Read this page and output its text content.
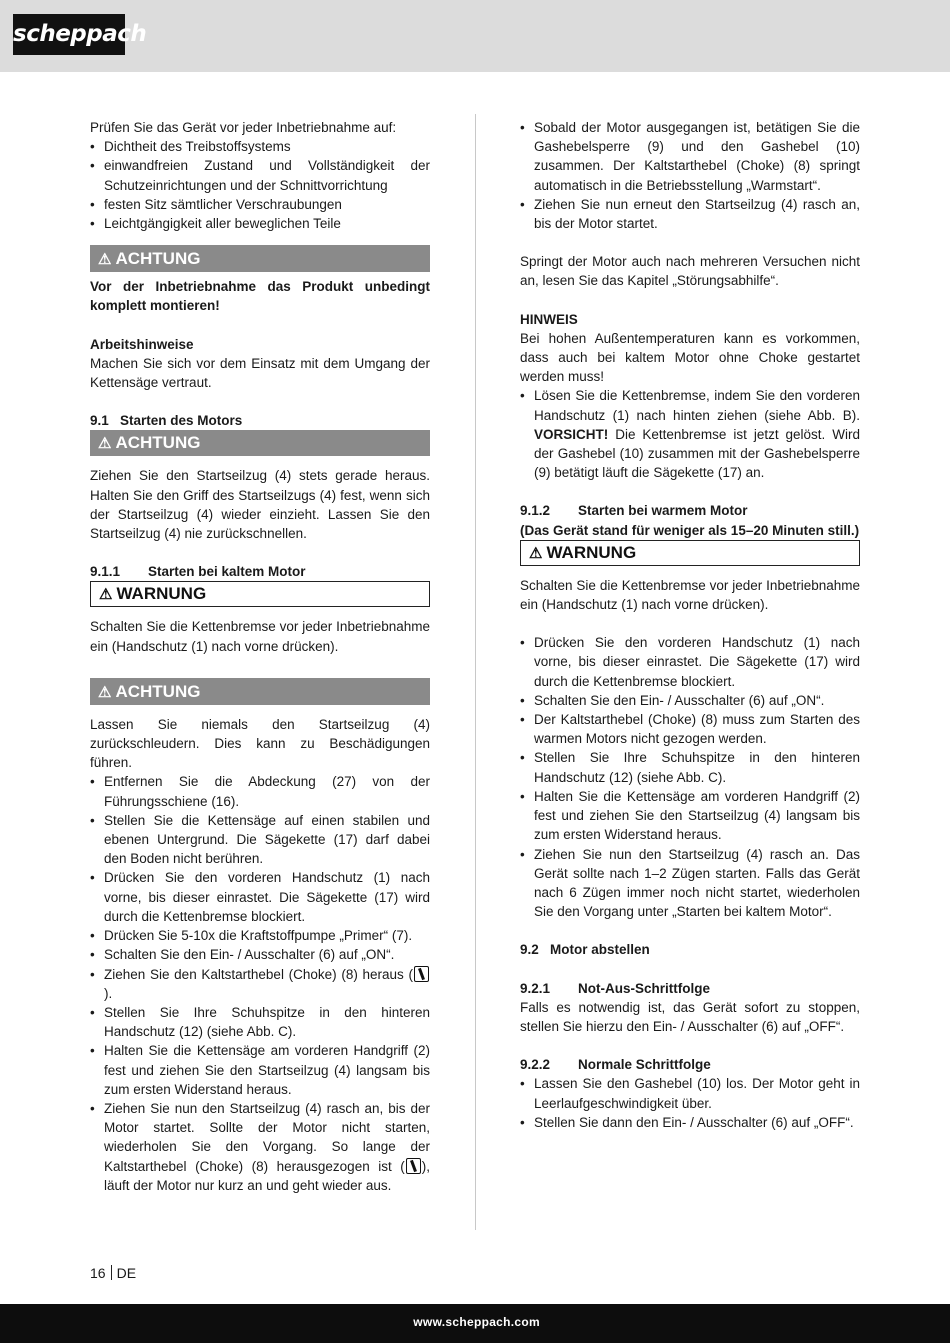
scheppach

Prüfen Sie das Gerät vor jeder Inbetriebnahme auf:

• Dichtheit des Treibstoffsystems
• einwandfreien Zustand und Vollständigkeit der Schutzeinrichtungen und der Schnittvorrichtung
• festen Sitz sämtlicher Verschraubungen
• Leichtgängigkeit aller beweglichen Teile
⚠ ACHTUNG

Vor der Inbetriebnahme das Produkt unbedingt komplett montieren!

Arbeitshinweise

Machen Sie sich vor dem Einsatz mit dem Umgang der Kettensäge vertraut.

9.1 Starten des Motors

⚠ ACHTUNG

Ziehen Sie den Startseilzug (4) stets gerade heraus. Halten Sie den Griff des Startseilzugs (4) fest, wenn sich der Startseilzug (4) wieder einzieht. Lassen Sie den Startseilzug (4) nie zurückschnellen.

9.1.1 Starten bei kaltem Motor

⚠ WARNUNG

Schalten Sie die Kettenbremse vor jeder Inbetriebnahme ein (Handschutz (1) nach vorne drücken).

⚠ ACHTUNG

Lassen Sie niemals den Startseilzug (4) zurückschleudern. Dies kann zu Beschädigungen führen.

• Entfernen Sie die Abdeckung (27) von der Führungsschiene (16).
• Stellen Sie die Kettensäge auf einen stabilen und ebenen Untergrund. Die Sägekette (17) darf dabei den Boden nicht berühren.
• Drücken Sie den vorderen Handschutz (1) nach vorne, bis dieser einrastet. Die Sägekette (17) wird durch die Kettenbremse blockiert.
• Drücken Sie 5-10x die Kraftstoffpumpe „Primer“ (7).
• Schalten Sie den Ein- / Ausschalter (6) auf „ON“.
• Ziehen Sie den Kaltstarthebel (Choke) (8) heraus ().
• Stellen Sie Ihre Schuhspitze in den hinteren Handschutz (12) (siehe Abb. C).
• Halten Sie die Kettensäge am vorderen Handgriff (2) fest und ziehen Sie den Startseilzug (4) langsam bis zum ersten Widerstand heraus.
• Ziehen Sie nun den Startseilzug (4) rasch an, bis der Motor startet. Sollte der Motor nicht starten, wiederholen Sie den Vorgang. So lange der Kaltstarthebel (Choke) (8) herausgezogen ist ( ), läuft der Motor nur kurz an und geht wieder aus.
• Sobald der Motor ausgegangen ist, betätigen Sie die Gashebelsperre (9) und den Gashebel (10) zusammen. Der Kaltstarthebel (Choke) (8) springt automatisch in die Betriebsstellung „Warmstart“.
• Ziehen Sie nun erneut den Startseilzug (4) rasch an, bis der Motor startet.

Springt der Motor auch nach mehreren Versuchen nicht an, lesen Sie das Kapitel „Störungsabhilfe“.

HINWEIS

Bei hohen Außentemperaturen kann es vorkommen, dass auch bei kaltem Motor ohne Choke gestartet werden muss!

• Lösen Sie die Kettenbremse, indem Sie den vorderen Handschutz (1) nach hinten ziehen (siehe Abb. B). VORSICHT! Die Kettenbremse ist jetzt gelöst. Wird der Gashebel (10) zusammen mit der Gashebelsperre (9) betätigt läuft die Sägekette (17) an.

9.1.2 Starten bei warmem Motor

(Das Gerät stand für weniger als 15–20 Minuten still.)

⚠ WARNUNG

Schalten Sie die Kettenbremse vor jeder Inbetriebnahme ein (Handschutz (1) nach vorne drücken).

• Drücken Sie den vorderen Handschutz (1) nach vorne, bis dieser einrastet. Die Sägekette (17) wird durch die Kettenbremse blockiert.
• Schalten Sie den Ein- / Ausschalter (6) auf „ON“.
• Der Kaltstarthebel (Choke) (8) muss zum Starten des warmen Motors nicht gezogen werden.
• Stellen Sie Ihre Schuhspitze in den hinteren Handschutz (12) (siehe Abb. C).
• Halten Sie die Kettensäge am vorderen Handgriff (2) fest und ziehen Sie den Startseilzug (4) langsam bis zum ersten Widerstand heraus.
• Ziehen Sie nun den Startseilzug (4) rasch an. Das Gerät sollte nach 1–2 Zügen starten. Falls das Gerät nach 6 Zügen immer noch nicht startet, wiederholen Sie den Vorgang unter „Starten bei kaltem Motor“.

9.2 Motor abstellen

9.2.1 Not-Aus-Schrittfolge

Falls es notwendig ist, das Gerät sofort zu stoppen, stellen Sie hierzu den Ein- / Ausschalter (6) auf „OFF“.

9.2.2 Normale Schrittfolge

• Lassen Sie den Gashebel (10) los. Der Motor geht in Leerlaufgeschwindigkeit über.
• Stellen Sie dann den Ein- / Ausschalter (6) auf „OFF“.
16 DE
www.scheppach.com
